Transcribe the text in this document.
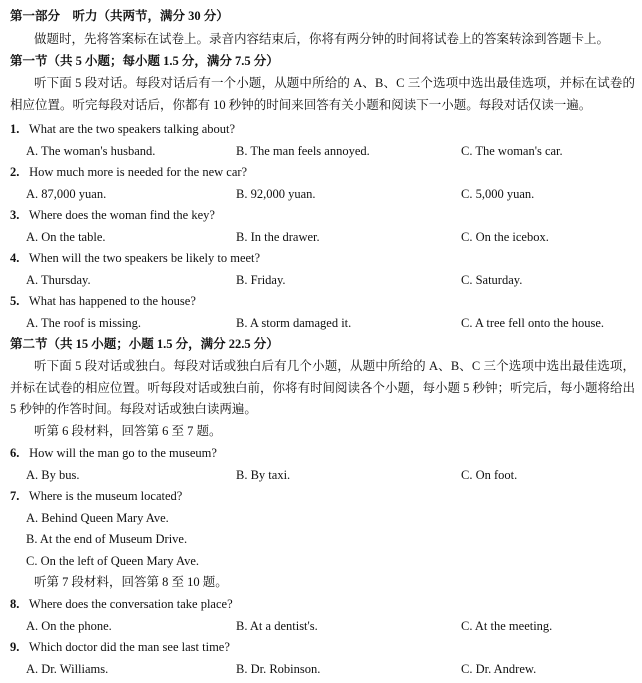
第一部分　听力（共两节，满分 30 分）
做题时，先将答案标在试卷上。录音内容结束后，你将有两分钟的时间将试卷上的答案转涂到答题卡上。
第一节（共 5 小题；每小题 1.5 分，满分 7.5 分）
听下面 5 段对话。每段对话后有一个小题，从题中所给的 A、B、C 三个选项中选出最佳选项，并标在试卷的相应位置。听完每段对话后，你都有 10 秒钟的时间来回答有关小题和阅读下一小题。每段对话仅读一遍。
1. What are the two speakers talking about?
A. The woman's husband.	B. The man feels annoyed.	C. The woman's car.
2. How much more is needed for the new car?
A. 87,000 yuan.	B. 92,000 yuan.	C. 5,000 yuan.
3. Where does the woman find the key?
A. On the table.	B. In the drawer.	C. On the icebox.
4. When will the two speakers be likely to meet?
A. Thursday.	B. Friday.	C. Saturday.
5. What has happened to the house?
A. The roof is missing.	B. A storm damaged it.	C. A tree fell onto the house.
第二节（共 15 小题；小题 1.5 分，满分 22.5 分）
听下面 5 段对话或独白。每段对话或独白后有几个小题，从题中所给的 A、B、C 三个选项中选出最佳选项，并标在试卷的相应位置。听每段对话或独白前，你将有时间阅读各个小题，每小题 5 秒钟；听完后，每小题将给出 5 秒钟的作答时间。每段对话或独白读两遍。
听第 6 段材料，回答第 6 至 7 题。
6. How will the man go to the museum?
A. By bus.	B. By taxi.	C. On foot.
7. Where is the museum located?
A. Behind Queen Mary Ave.
B. At the end of Museum Drive.
C. On the left of Queen Mary Ave.
听第 7 段材料，回答第 8 至 10 题。
8. Where does the conversation take place?
A. On the phone.	B. At a dentist's.	C. At the meeting.
9. Which doctor did the man see last time?
A. Dr. Williams.	B. Dr. Robinson.	C. Dr. Andrew.
